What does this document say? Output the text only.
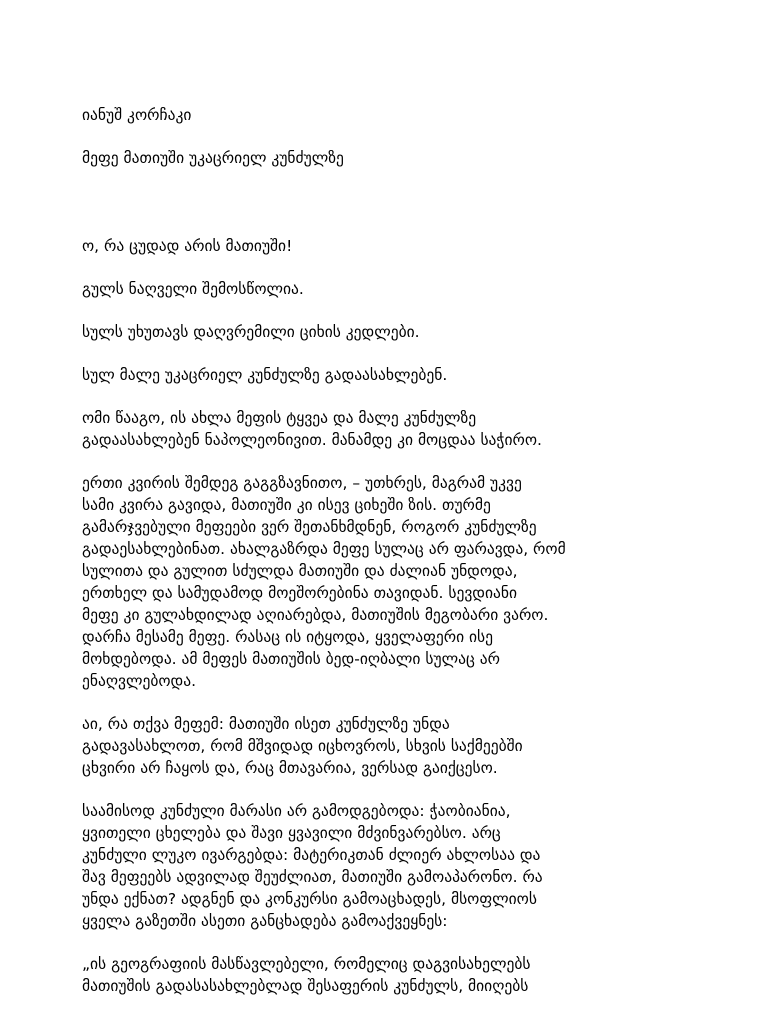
იანუშ კორჩაკი

მეფე მათიუში უკაცრიელ კუნძულზე

ო, რა ცუდად არის მათიუში!

გულს ნაღველი შემოსწოლია.

სულს უხუთავს დაღვრემილი ციხის კედლები.

სულ მალე უკაცრიელ კუნძულზე გადაასახლებენ.

ომი წააგო, ის ახლა მეფის ტყვეა და მალე კუნძულზე

გადაასახლებენ ნაპოლეონივით. მანამდე კი მოცდაა საჭირო.

ერთი კვირის შემდეგ გაგგზავნითო, – უთხრეს, მაგრამ უკვე

სამი კვირა გავიდა, მათიუში კი ისევ ციხეში ზის. თურმე

გამარჯვებული მეფეები ვერ შეთანხმდნენ, როგორ კუნძულზე

გადაესახლებინათ. ახალგაზრდა მეფე სულაც არ ფარავდა, რომ

სულითა და გულით სძულდა მათიუში და ძალიან უნდოდა,

ერთხელ და სამუდამოდ მოეშორებინა თავიდან. სევდიანი

მეფე კი გულახდილად აღიარებდა, მათიუშის მეგობარი ვარო.

დარჩა მესამე მეფე. რასაც ის იტყოდა, ყველაფერი ისე

მოხდებოდა. ამ მეფეს მათიუშის ბედ-იღბალი სულაც არ

ენაღვლებოდა.

აი, რა თქვა მეფემ: მათიუში ისეთ კუნძულზე უნდა

გადავასახლოთ, რომ მშვიდად იცხოვროს, სხვის საქმეებში

ცხვირი არ ჩაყოს და, რაც მთავარია, ვერსად გაიქცესო.

საამისოდ კუნძული მარასი არ გამოდგებოდა: ჭაობიანია,

ყვითელი ცხელება და შავი ყვავილი მძვინვარებსო. არც

კუნძული ლუკო ივარგებდა: მატერიკთან ძლიერ ახლოსაა და

შავ მეფეებს ადვილად შეუძლიათ, მათიუში გამოაპარონო. რა

უნდა ექნათ? ადგნენ და კონკურსი გამოაცხადეს, მსოფლიოს

ყველა გაზეთში ასეთი განცხადება გამოაქვეყნეს:

„ის გეოგრაფიის მასწავლებელი, რომელიც დაგვისახელებს

მათიუშის გადასასახლებლად შესაფერის კუნძულს, მიიღებს
